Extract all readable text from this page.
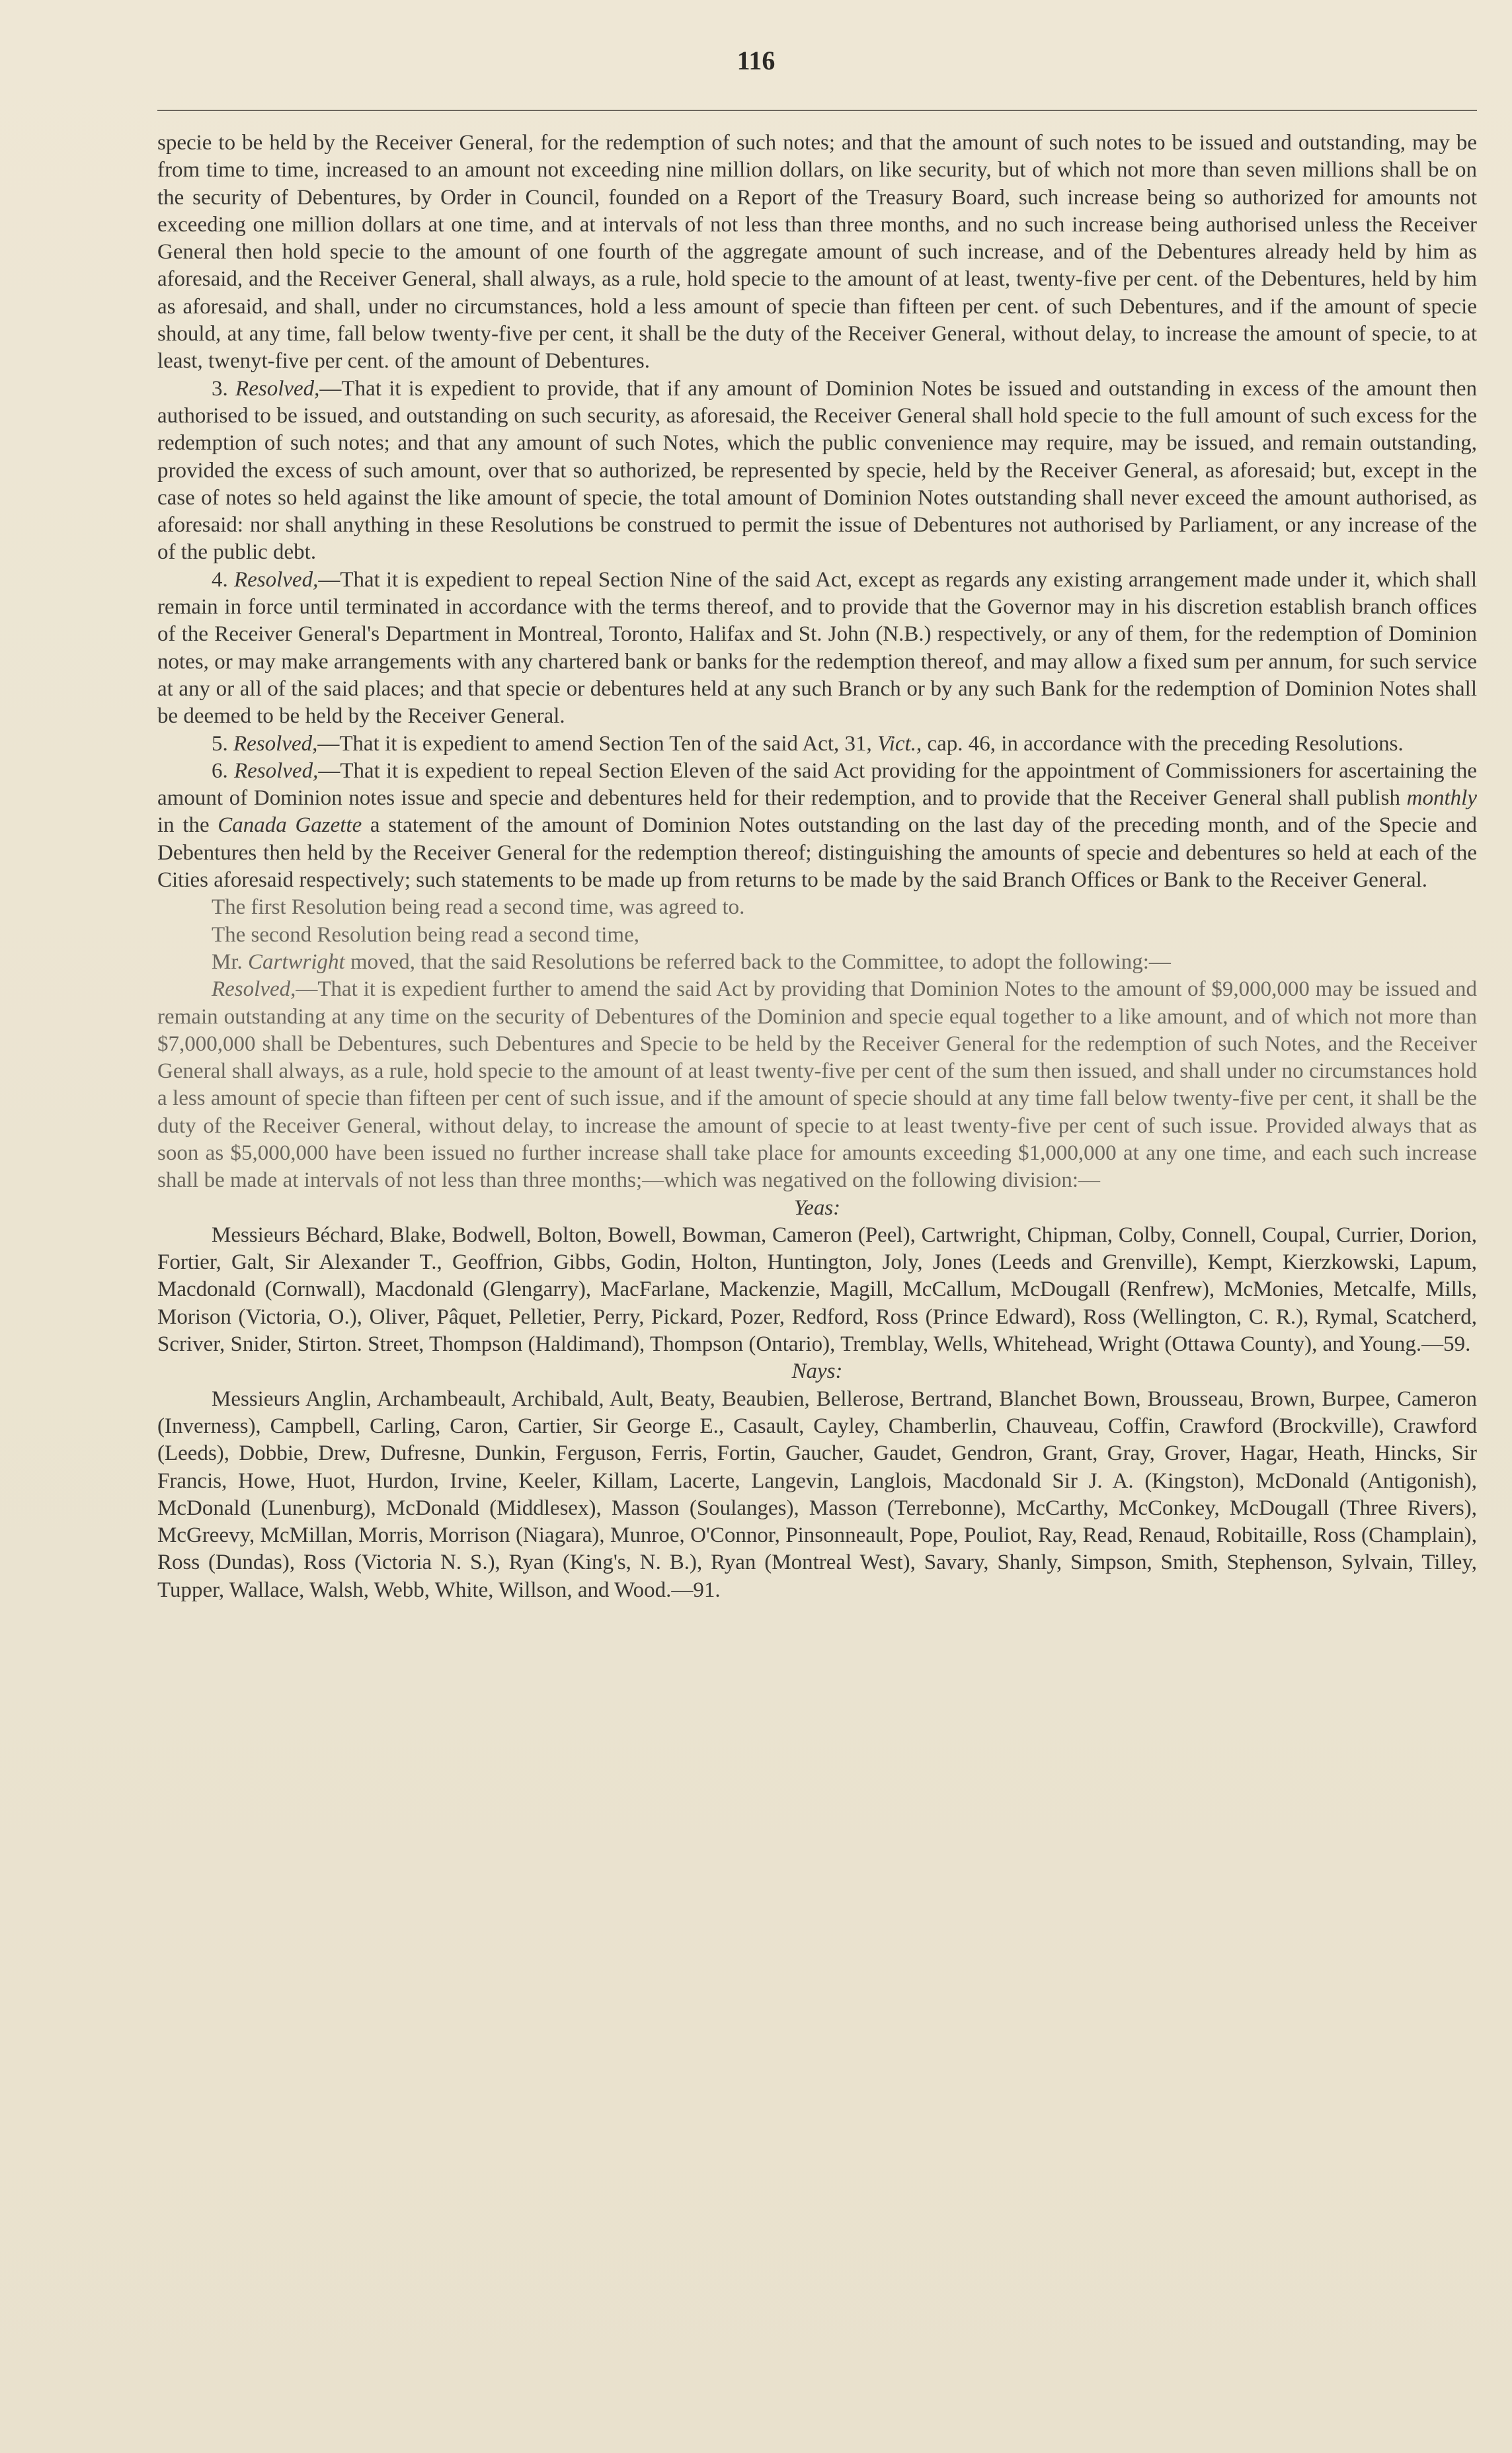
116

specie to be held by the Receiver General, for the redemption of such notes; and that the amount of such notes to be issued and outstanding, may be from time to time, increased to an amount not exceeding nine million dollars, on like security, but of which not more than seven millions shall be on the security of Debentures, by Order in Council, founded on a Report of the Treasury Board, such increase being so authorized for amounts not exceeding one million dollars at one time, and at intervals of not less than three months, and no such increase being authorised unless the Receiver General then hold specie to the amount of one fourth of the aggregate amount of such increase, and of the Debentures already held by him as aforesaid, and the Receiver General, shall always, as a rule, hold specie to the amount of at least, twenty-five per cent. of the Debentures, held by him as aforesaid, and shall, under no circumstances, hold a less amount of specie than fifteen per cent. of such Debentures, and if the amount of specie should, at any time, fall below twenty-five per cent, it shall be the duty of the Receiver General, without delay, to increase the amount of specie, to at least, twenyt-five per cent. of the amount of Debentures.

3. Resolved,—That it is expedient to provide, that if any amount of Dominion Notes be issued and outstanding in excess of the amount then authorised to be issued, and outstanding on such security, as aforesaid, the Receiver General shall hold specie to the full amount of such excess for the redemption of such notes; and that any amount of such Notes, which the public convenience may require, may be issued, and remain outstanding, provided the excess of such amount, over that so authorized, be represented by specie, held by the Receiver General, as aforesaid; but, except in the case of notes so held against the like amount of specie, the total amount of Dominion Notes outstanding shall never exceed the amount authorised, as aforesaid: nor shall anything in these Resolutions be construed to permit the issue of Debentures not authorised by Parliament, or any increase of the of the public debt.

4. Resolved,—That it is expedient to repeal Section Nine of the said Act, except as regards any existing arrangement made under it, which shall remain in force until terminated in accordance with the terms thereof, and to provide that the Governor may in his discretion establish branch offices of the Receiver General's Department in Montreal, Toronto, Halifax and St. John (N.B.) respectively, or any of them, for the redemption of Dominion notes, or may make arrangements with any chartered bank or banks for the redemption thereof, and may allow a fixed sum per annum, for such service at any or all of the said places; and that specie or debentures held at any such Branch or by any such Bank for the redemption of Dominion Notes shall be deemed to be held by the Receiver General.

5. Resolved,—That it is expedient to amend Section Ten of the said Act, 31, Vict., cap. 46, in accordance with the preceding Resolutions.

6. Resolved,—That it is expedient to repeal Section Eleven of the said Act providing for the appointment of Commissioners for ascertaining the amount of Dominion notes issue and specie and debentures held for their redemption, and to provide that the Receiver General shall publish monthly in the Canada Gazette a statement of the amount of Dominion Notes outstanding on the last day of the preceding month, and of the Specie and Debentures then held by the Receiver General for the redemption thereof; distinguishing the amounts of specie and debentures so held at each of the Cities aforesaid respectively; such statements to be made up from returns to be made by the said Branch Offices or Bank to the Receiver General.

The first Resolution being read a second time, was agreed to.

The second Resolution being read a second time,

Mr. Cartwright moved, that the said Resolutions be referred back to the Committee, to adopt the following:—

Resolved,—That it is expedient further to amend the said Act by providing that Dominion Notes to the amount of $9,000,000 may be issued and remain outstanding at any time on the security of Debentures of the Dominion and specie equal together to a like amount, and of which not more than $7,000,000 shall be Debentures, such Debentures and Specie to be held by the Receiver General for the redemption of such Notes, and the Receiver General shall always, as a rule, hold specie to the amount of at least twenty-five per cent of the sum then issued, and shall under no circumstances hold a less amount of specie than fifteen per cent of such issue, and if the amount of specie should at any time fall below twenty-five per cent, it shall be the duty of the Receiver General, without delay, to increase the amount of specie to at least twenty-five per cent of such issue. Provided always that as soon as $5,000,000 have been issued no further increase shall take place for amounts exceeding $1,000,000 at any one time, and each such increase shall be made at intervals of not less than three months;—which was negatived on the following division:—

Yeas:

Messieurs Béchard, Blake, Bodwell, Bolton, Bowell, Bowman, Cameron (Peel), Cartwright, Chipman, Colby, Connell, Coupal, Currier, Dorion, Fortier, Galt, Sir Alexander T., Geoffrion, Gibbs, Godin, Holton, Huntington, Joly, Jones (Leeds and Grenville), Kempt, Kierzkowski, Lapum, Macdonald (Cornwall), Macdonald (Glengarry), MacFarlane, Mackenzie, Magill, McCallum, McDougall (Renfrew), McMonies, Metcalfe, Mills, Morison (Victoria, O.), Oliver, Pâquet, Pelletier, Perry, Pickard, Pozer, Redford, Ross (Prince Edward), Ross (Wellington, C. R.), Rymal, Scatcherd, Scriver, Snider, Stirton. Street, Thompson (Haldimand), Thompson (Ontario), Tremblay, Wells, Whitehead, Wright (Ottawa County), and Young.—59.

Nays:

Messieurs Anglin, Archambeault, Archibald, Ault, Beaty, Beaubien, Bellerose, Bertrand, Blanchet Bown, Brousseau, Brown, Burpee, Cameron (Inverness), Campbell, Carling, Caron, Cartier, Sir George E., Casault, Cayley, Chamberlin, Chauveau, Coffin, Crawford (Brockville), Crawford (Leeds), Dobbie, Drew, Dufresne, Dunkin, Ferguson, Ferris, Fortin, Gaucher, Gaudet, Gendron, Grant, Gray, Grover, Hagar, Heath, Hincks, Sir Francis, Howe, Huot, Hurdon, Irvine, Keeler, Killam, Lacerte, Langevin, Langlois, Macdonald Sir J. A. (Kingston), McDonald (Antigonish), McDonald (Lunenburg), McDonald (Middlesex), Masson (Soulanges), Masson (Terrebonne), McCarthy, McConkey, McDougall (Three Rivers), McGreevy, McMillan, Morris, Morrison (Niagara), Munroe, O'Connor, Pinsonneault, Pope, Pouliot, Ray, Read, Renaud, Robitaille, Ross (Champlain), Ross (Dundas), Ross (Victoria N. S.), Ryan (King's, N. B.), Ryan (Montreal West), Savary, Shanly, Simpson, Smith, Stephenson, Sylvain, Tilley, Tupper, Wallace, Walsh, Webb, White, Willson, and Wood.—91.
